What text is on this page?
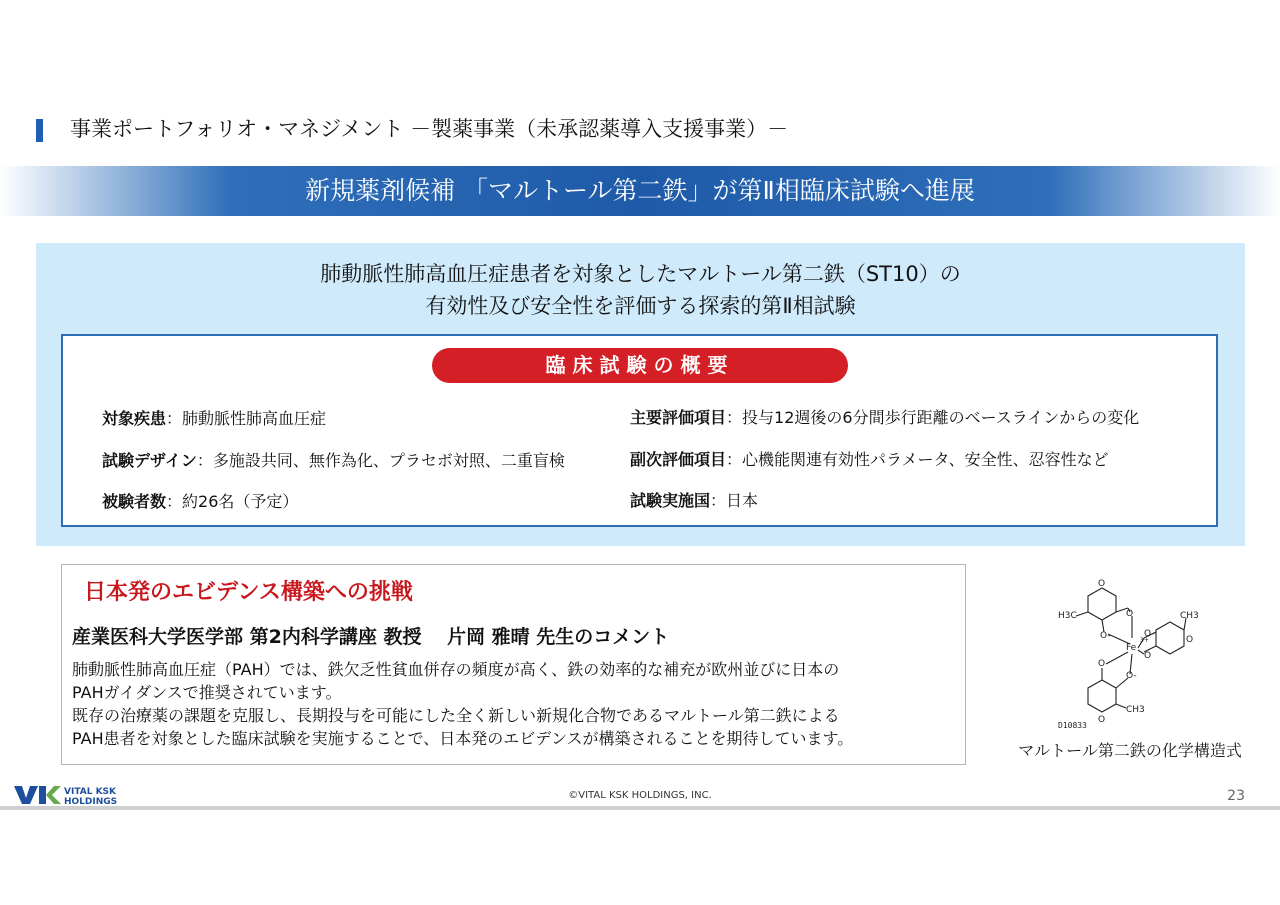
事業ポートフォリオ・マネジメント －製薬事業（未承認薬導入支援事業）－
新規薬剤候補 「マルトール第二鉄」が第Ⅱ相臨床試験へ進展
肺動脈性肺高血圧症患者を対象としたマルトール第二鉄（ST10）の
有効性及び安全性を評価する探索的第Ⅱ相試験
臨床試験の概要
対象疾患：肺動脈性肺高血圧症
試験デザイン：多施設共同、無作為化、プラセボ対照、二重盲検
被験者数：約26名（予定）
主要評価項目：投与12週後の6分間歩行距離のベースラインからの変化
副次評価項目：心機能関連有効性パラメータ、安全性、忍容性など
試験実施国：日本
日本発のエビデンス構築への挑戦
産業医科大学医学部 第2内科学講座 教授　 片岡 雅晴 先生のコメント
肺動脈性肺高血圧症（PAH）では、鉄欠乏性貧血併存の頻度が高く、鉄の効率的な補充が欧州並びに日本の
PAHガイダンスで推奨されています。
既存の治療薬の課題を克服し、長期投与を可能にした全く新しい新規化合物であるマルトール第二鉄による
PAH患者を対象とした臨床試験を実施することで、日本発のエビデンスが構築されることを期待しています。
O
H3C	O
O-
Fe
3+
O-
O
CH3
O
O
O-
CH3
O
D10833
マルトール第二鉄の化学構造式
VITAL KSK
HOLDINGS
©VITAL KSK HOLDINGS, INC.	23
